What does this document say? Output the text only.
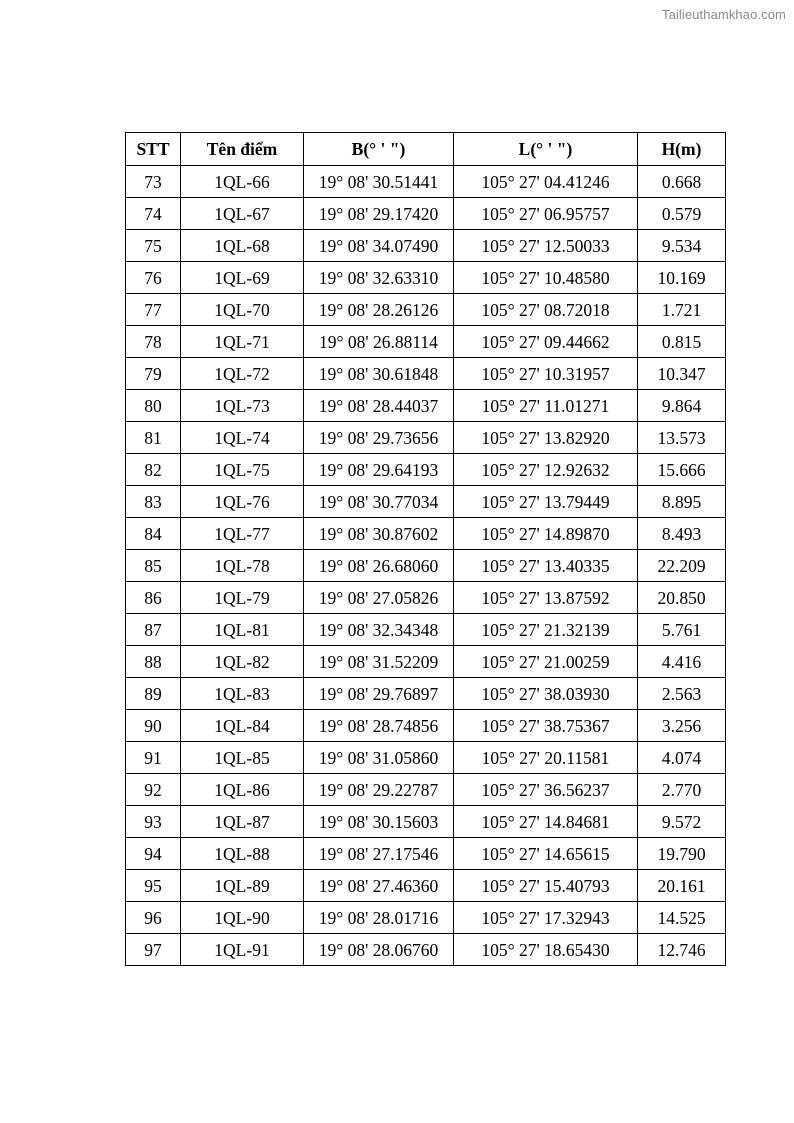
Tailieuthamkhao.com
STT	Tên điểm	B(° ' ")	L(° ' ")	H(m)
73	1QL-66	19° 08' 30.51441	105° 27' 04.41246	0.668
74	1QL-67	19° 08' 29.17420	105° 27' 06.95757	0.579
75	1QL-68	19° 08' 34.07490	105° 27' 12.50033	9.534
76	1QL-69	19° 08' 32.63310	105° 27' 10.48580	10.169
77	1QL-70	19° 08' 28.26126	105° 27' 08.72018	1.721
78	1QL-71	19° 08' 26.88114	105° 27' 09.44662	0.815
79	1QL-72	19° 08' 30.61848	105° 27' 10.31957	10.347
80	1QL-73	19° 08' 28.44037	105° 27' 11.01271	9.864
81	1QL-74	19° 08' 29.73656	105° 27' 13.82920	13.573
82	1QL-75	19° 08' 29.64193	105° 27' 12.92632	15.666
83	1QL-76	19° 08' 30.77034	105° 27' 13.79449	8.895
84	1QL-77	19° 08' 30.87602	105° 27' 14.89870	8.493
85	1QL-78	19° 08' 26.68060	105° 27' 13.40335	22.209
86	1QL-79	19° 08' 27.05826	105° 27' 13.87592	20.850
87	1QL-81	19° 08' 32.34348	105° 27' 21.32139	5.761
88	1QL-82	19° 08' 31.52209	105° 27' 21.00259	4.416
89	1QL-83	19° 08' 29.76897	105° 27' 38.03930	2.563
90	1QL-84	19° 08' 28.74856	105° 27' 38.75367	3.256
91	1QL-85	19° 08' 31.05860	105° 27' 20.11581	4.074
92	1QL-86	19° 08' 29.22787	105° 27' 36.56237	2.770
93	1QL-87	19° 08' 30.15603	105° 27' 14.84681	9.572
94	1QL-88	19° 08' 27.17546	105° 27' 14.65615	19.790
95	1QL-89	19° 08' 27.46360	105° 27' 15.40793	20.161
96	1QL-90	19° 08' 28.01716	105° 27' 17.32943	14.525
97	1QL-91	19° 08' 28.06760	105° 27' 18.65430	12.746
